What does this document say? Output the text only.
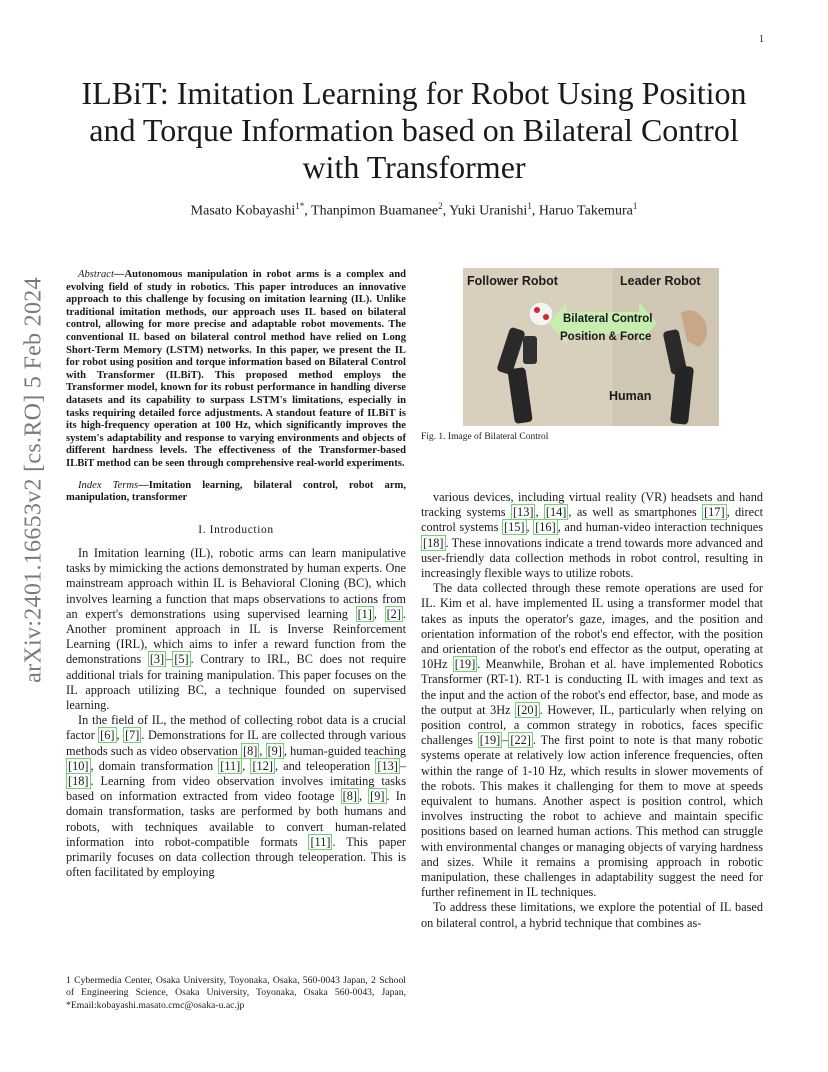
1
arXiv:2401.16653v2 [cs.RO] 5 Feb 2024
ILBiT: Imitation Learning for Robot Using Position and Torque Information based on Bilateral Control with Transformer
Masato Kobayashi$^{1*}$, Thanpimon Buamanee$^2$, Yuki Uranishi$^1$, Haruo Takemura$^1$

Abstract—Autonomous manipulation in robot arms is a complex and evolving field of study in robotics. This paper introduces an innovative approach to this challenge by focusing on imitation learning (IL). Unlike traditional imitation methods, our approach uses IL based on bilateral control, allowing for more precise and adaptable robot movements. The conventional IL based on bilateral control method have relied on Long Short-Term Memory (LSTM) networks. In this paper, we present the IL for robot using position and torque information based on Bilateral Control with Transformer (ILBiT). This proposed method employs the Transformer model, known for its robust performance in handling diverse datasets and its capability to surpass LSTM's limitations, especially in tasks requiring detailed force adjustments. A standout feature of ILBiT is its high-frequency operation at 100 Hz, which significantly improves the system's adaptability and response to varying environments and objects of different hardness levels. The effectiveness of the Transformer-based ILBiT method can be seen through comprehensive real-world experiments.

Index Terms—Imitation learning, bilateral control, robot arm, manipulation, transformer

I. Introduction

In Imitation learning (IL), robotic arms can learn manipulative tasks by mimicking the actions demonstrated by human experts. One mainstream approach within IL is Behavioral Cloning (BC), which involves learning a function that maps observations to actions from an expert's demonstrations using supervised learning [1] , [2] . Another prominent approach in IL is Inverse Reinforcement Learning (IRL), which aims to infer a reward function from the demonstrations [3] – [5] . Contrary to IRL, BC does not require additional trials for training manipulation. This paper focuses on the IL approach utilizing BC, a technique founded on supervised learning.

In the field of IL, the method of collecting robot data is a crucial factor [6] , [7] . Demonstrations for IL are collected through various methods such as video observation [8] , [9] , human-guided teaching [10] , domain transformation [11] , [12] , and teleoperation [13] –[18] . Learning from video observation involves imitating tasks based on information extracted from video footage [8] , [9] . In domain transformation, tasks are performed by both humans and robots, with techniques available to convert human-related information into robot-compatible formats [11] . This paper primarily focuses on data collection through teleoperation. This is often facilitated by employing

1 Cybermedia Center, Osaka University, Toyonaka, Osaka, 560-0043 Japan, 2 School of Engineering Science, Osaka University, Toyonaka, Osaka 560-0043, Japan, *Email:kobayashi.masato.cmc@osaka-u.ac.jp
Follower Robot	Leader Robot
Bilateral Control
Position & Force
Human
Fig. 1. Image of Bilateral Control

various devices, including virtual reality (VR) headsets and hand tracking systems [13] , [14] , as well as smartphones [17] , direct control systems [15] , [16] , and human-video interaction techniques [18] . These innovations indicate a trend towards more advanced and user-friendly data collection methods in robot control, resulting in increasingly flexible ways to utilize robots.

The data collected through these remote operations are used for IL. Kim et al. have implemented IL using a transformer model that takes as inputs the operator's gaze, images, and the position and orientation information of the robot's end effector, with the position and orientation of the robot's end effector as the output, operating at 10Hz [19] . Meanwhile, Brohan et al. have implemented Robotics Transformer (RT-1). RT-1 is conducting IL with images and text as the input and the action of the robot's end effector, base, and mode as the output at 3Hz [20] . However, IL, particularly when relying on position control, a common strategy in robotics, faces specific challenges [19] – [22] . The first point to note is that many robotic systems operate at relatively low action inference frequencies, often within the range of 1-10 Hz, which results in slower movements of the robots. This makes it challenging for them to move at speeds equivalent to humans. Another aspect is position control, which involves instructing the robot to achieve and maintain specific positions based on learned human actions. This method can struggle with environmental changes or managing objects of varying hardness and sizes. While it remains a promising approach in robotic manipulation, these challenges in adaptability suggest the need for further refinement in IL techniques.

To address these limitations, we explore the potential of IL based on bilateral control, a hybrid technique that combines as-
